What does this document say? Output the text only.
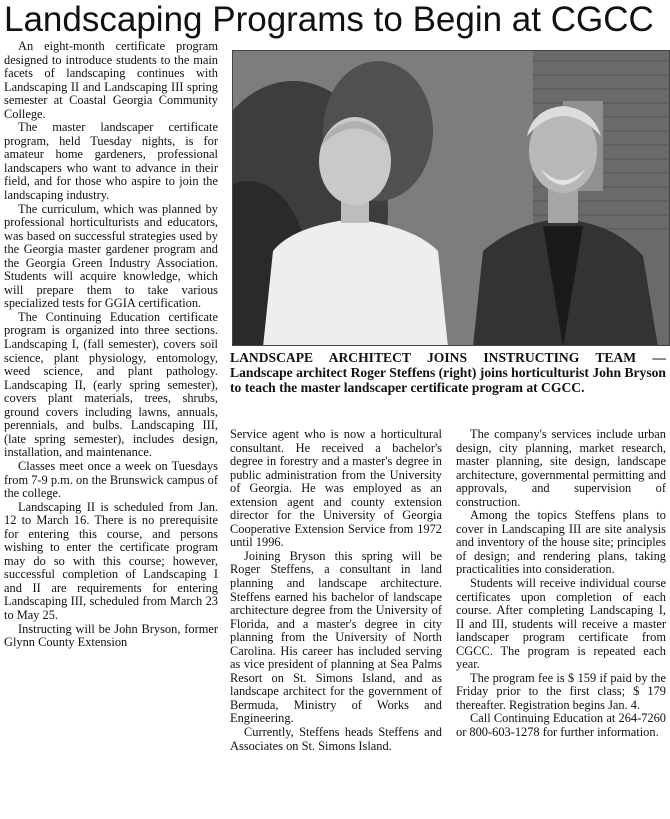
Landscaping Programs to Begin at CGCC

An eight-month certificate program designed to introduce students to the main facets of landscaping continues with Landscaping II and Landscaping III spring semester at Coastal Georgia Community College.

The master landscaper certificate program, held Tuesday nights, is for amateur home gardeners, professional landscapers who want to advance in their field, and for those who aspire to join the landscaping industry.

The curriculum, which was planned by professional horticulturists and educators, was based on successful strategies used by the Georgia master gardener program and the Georgia Green Industry Association. Students will acquire knowledge, which will prepare them to take various specialized tests for GGIA certification.

The Continuing Education certificate program is organized into three sections. Landscaping I, (fall semester), covers soil science, plant physiology, entomology, weed science, and plant pathology. Landscaping II, (early spring semester), covers plant materials, trees, shrubs, ground covers including lawns, annuals, perennials, and bulbs. Landscaping III, (late spring semester), includes design, installation, and maintenance.

Classes meet once a week on Tuesdays from 7-9 p.m. on the Brunswick campus of the college.

Landscaping II is scheduled from Jan. 12 to March 16. There is no prerequisite for entering this course, and persons wishing to enter the certificate program may do so with this course; however, successful completion of Landscaping I and II are requirements for entering Landscaping III, scheduled from March 23 to May 25.

Instructing will be John Bryson, former Glynn County Extension

LANDSCAPE ARCHITECT JOINS INSTRUCTING TEAM — Landscape architect Roger Steffens (right) joins horticulturist John Bryson to teach the master landscaper certificate program at CGCC.

Service agent who is now a horticultural consultant. He received a bachelor's degree in forestry and a master's degree in public administration from the University of Georgia. He was employed as an extension agent and county extension director for the University of Georgia Cooperative Extension Service from 1972 until 1996.

Joining Bryson this spring will be Roger Steffens, a consultant in land planning and landscape architecture. Steffens earned his bachelor of landscape architecture degree from the University of Florida, and a master's degree in city planning from the University of North Carolina. His career has included serving as vice president of planning at Sea Palms Resort on St. Simons Island, and as landscape architect for the government of Bermuda, Ministry of Works and Engineering.

Currently, Steffens heads Steffens and Associates on St. Simons Island.

The company's services include urban design, city planning, market research, master planning, site design, landscape architecture, governmental permitting and approvals, and supervision of construction.

Among the topics Steffens plans to cover in Landscaping III are site analysis and inventory of the house site; principles of design; and rendering plans, taking practicalities into consideration.

Students will receive individual course certificates upon completion of each course. After completing Landscaping I, II and III, students will receive a master landscaper program certificate from CGCC. The program is repeated each year.

The program fee is $ 159 if paid by the Friday prior to the first class; $ 179 thereafter. Registration begins Jan. 4.

Call Continuing Education at 264-7260 or 800-603-1278 for further information.
